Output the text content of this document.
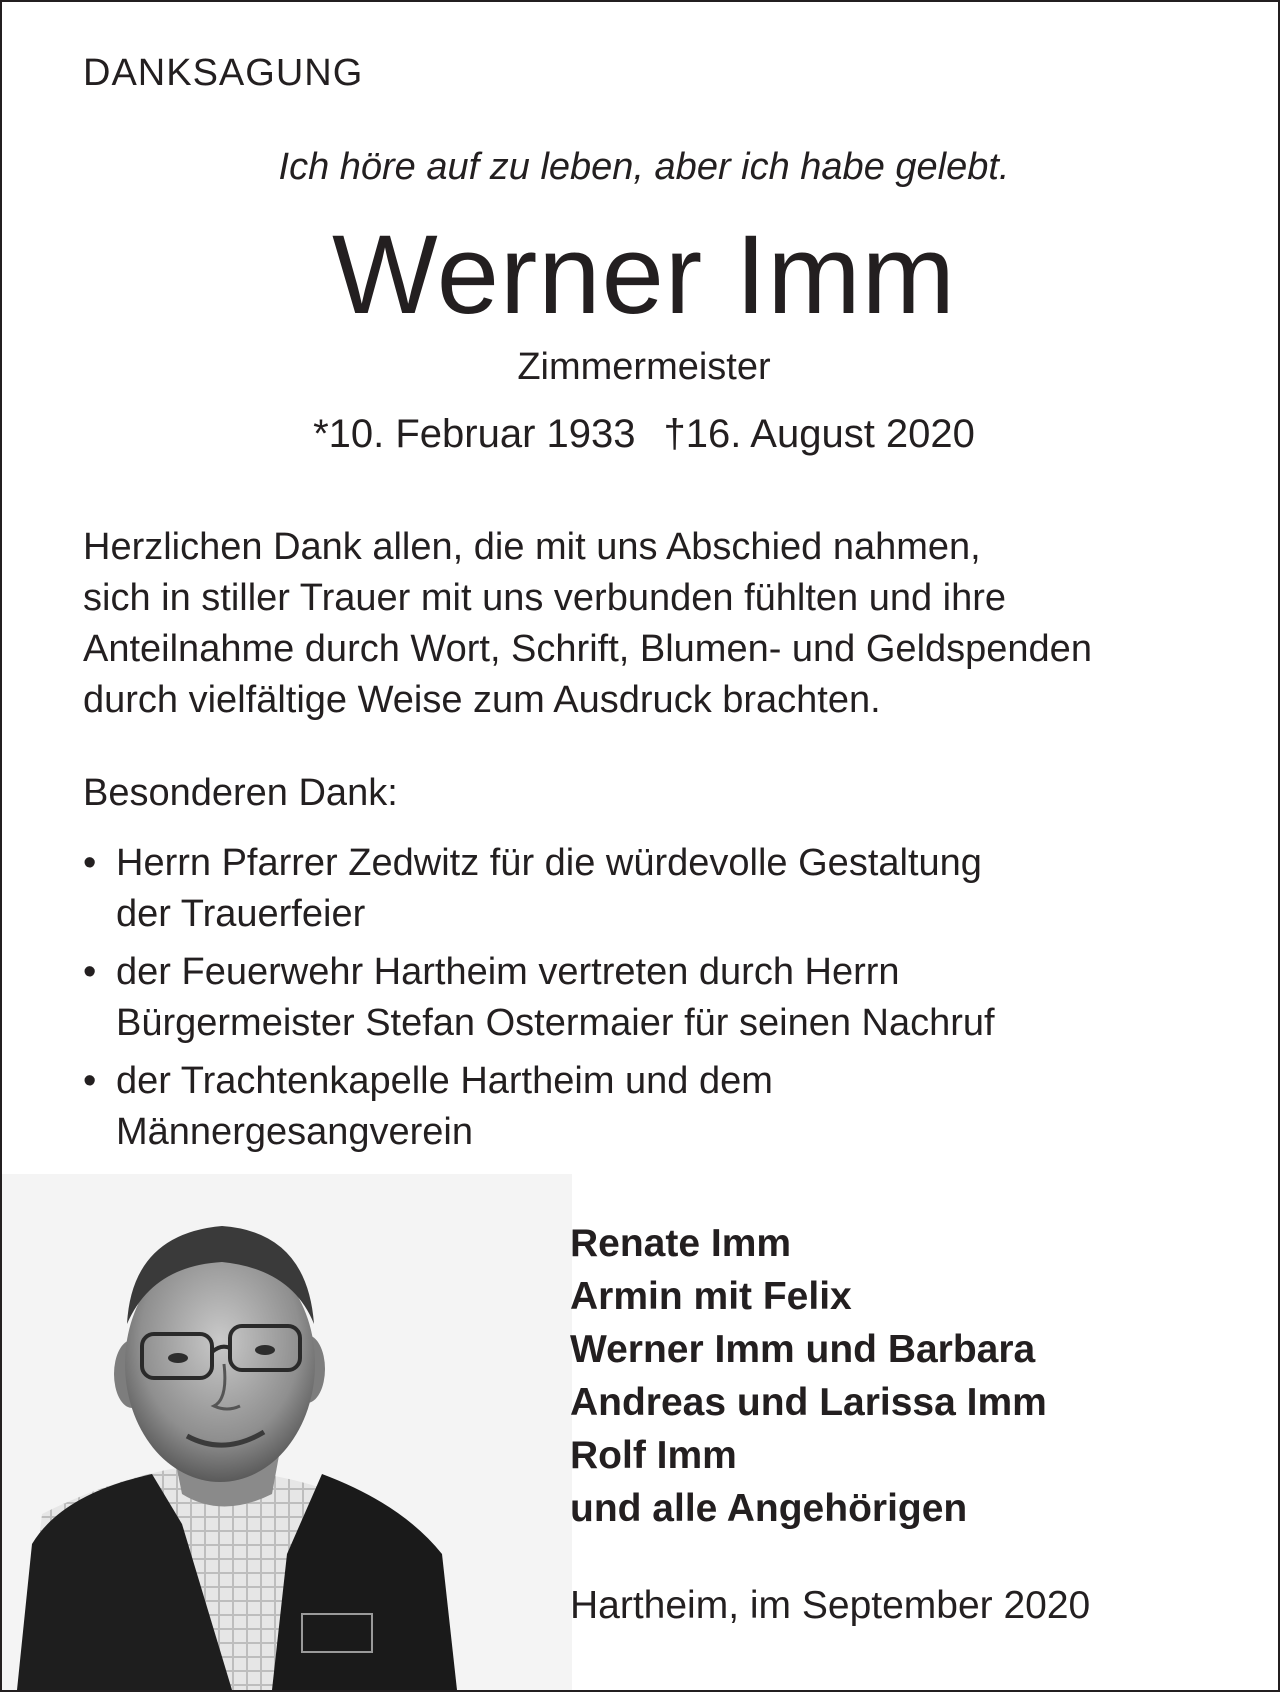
DANKSAGUNG
Ich höre auf zu leben, aber ich habe gelebt.
Werner Imm
Zimmermeister
*10. Februar 1933 †16. August 2020
Herzlichen Dank allen, die mit uns Abschied nahmen,
sich in stiller Trauer mit uns verbunden fühlten und ihre
Anteilnahme durch Wort, Schrift, Blumen- und Geldspenden
durch vielfältige Weise zum Ausdruck brachten.
Besonderen Dank:
• Herrn Pfarrer Zedwitz für die würdevolle Gestaltung
der Trauerfeier
• der Feuerwehr Hartheim vertreten durch Herrn
Bürgermeister Stefan Ostermaier für seinen Nachruf
• der Trachtenkapelle Hartheim und dem
Männergesangverein
Renate Imm
Armin mit Felix
Werner Imm und Barbara
Andreas und Larissa Imm
Rolf Imm
und alle Angehörigen
Hartheim, im September 2020
